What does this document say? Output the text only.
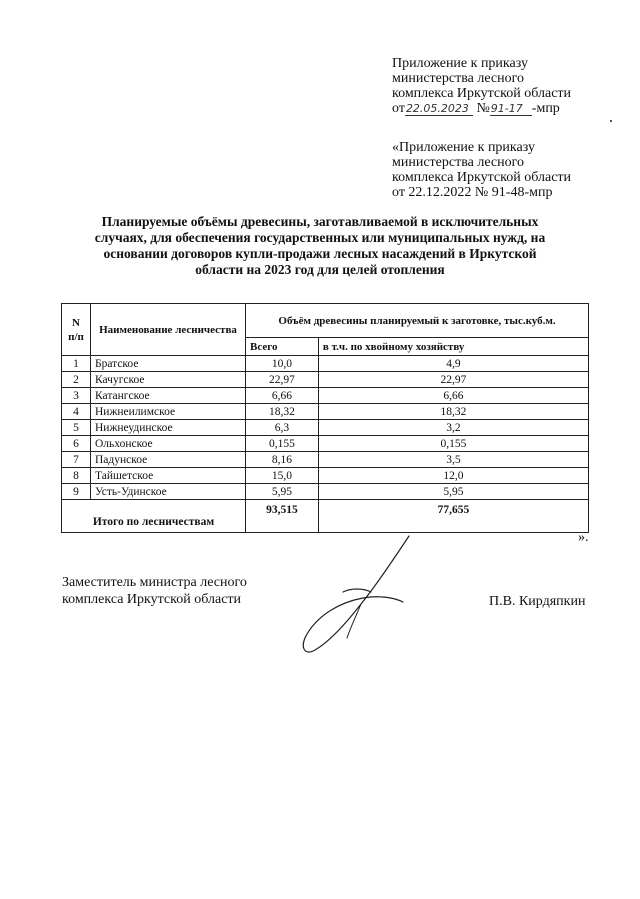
Приложение к приказу
министерства лесного
комплекса Иркутской области
от22.05.2023 №91-17 -мпр
«Приложение к приказу
министерства лесного
комплекса Иркутской области
от 22.12.2022 № 91-48-мпр
Планируемые объёмы древесины, заготавливаемой в исключительных
случаях, для обеспечения государственных или муниципальных нужд, на
основании договоров купли-продажи лесных насаждений в Иркутской
области на 2023 год для целей отопления
N п/п	Наименование лесничества	Объём древесины планируемый к заготовке, тыс.куб.м.	
		Всего	в т.ч. по хвойному хозяйству
1	Братское	10,0	4,9
2	Качугское	22,97	22,97
3	Катангское	6,66	6,66
4	Нижнеилимское	18,32	18,32
5	Нижнеудинское	6,3	3,2
6	Ольхонское	0,155	0,155
7	Падунское	8,16	3,5
8	Тайшетское	15,0	12,0
9	Усть-Удинское	5,95	5,95
Итого по лесничествам		93,515	77,655
».
Заместитель министра лесного
комплекса Иркутской области	П.В. Кирдяпкин
